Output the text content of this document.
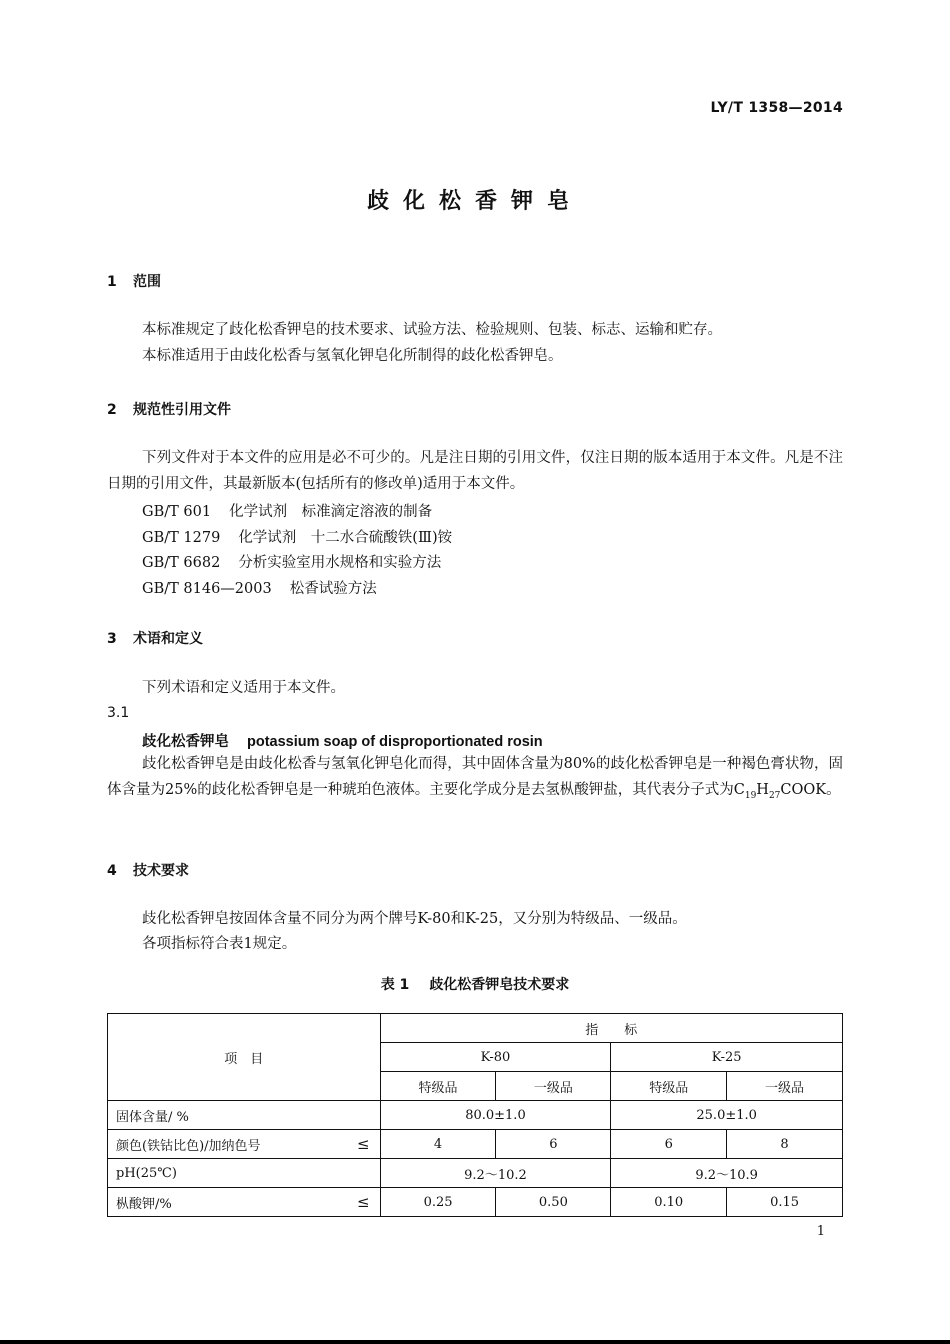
LY/T 1358—2014
歧化松香钾皂
1 范围
本标准规定了歧化松香钾皂的技术要求、试验方法、检验规则、包装、标志、运输和贮存。
本标准适用于由歧化松香与氢氧化钾皂化所制得的歧化松香钾皂。
2 规范性引用文件
下列文件对于本文件的应用是必不可少的。凡是注日期的引用文件，仅注日期的版本适用于本文件。凡是不注日期的引用文件，其最新版本(包括所有的修改单)适用于本文件。
GB/T 601 化学试剂　标准滴定溶液的制备
GB/T 1279 化学试剂　十二水合硫酸铁(Ⅲ)铵
GB/T 6682 分析实验室用水规格和实验方法
GB/T 8146—2003 松香试验方法
3 术语和定义
下列术语和定义适用于本文件。
3.1
歧化松香钾皂 potassium soap of disproportionated rosin
歧化松香钾皂是由歧化松香与氢氧化钾皂化而得，其中固体含量为80%的歧化松香钾皂是一种褐色膏状物，固体含量为25%的歧化松香钾皂是一种琥珀色液体。主要化学成分是去氢枞酸钾盐，其代表分子式为$C_{19}H_{27}COOK$。
4 技术要求
歧化松香钾皂按固体含量不同分为两个牌号K-80和K-25，又分别为特级品、一级品。
各项指标符合表1规定。
表 1 歧化松香钾皂技术要求
项　目	指　　标			
	K-80		K-25	
	特级品	一级品	特级品	一级品
固体含量/ %	80.0±1.0		25.0±1.0	
颜色(铁钴比色)/加纳色号 ≤	4	6	6	8
pH(25℃)	9.2～10.2		9.2～10.9	
枞酸钾/% ≤	0.25	0.50	0.10	0.15
1
